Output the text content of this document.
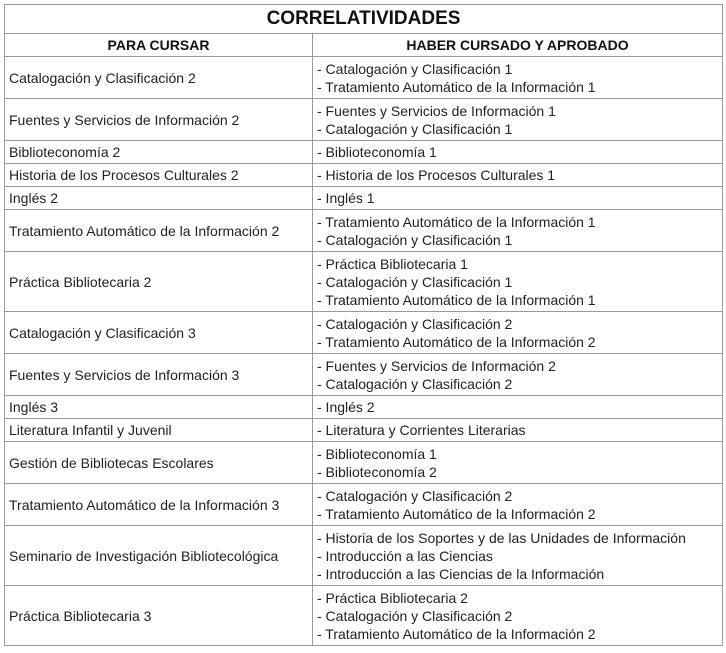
CORRELATIVIDADES	
PARA CURSAR	HABER CURSADO Y APROBADO
Catalogación y Clasificación 2	- Catalogación y Clasificación 1
- Tratamiento Automático de la Información 1

Fuentes y Servicios de Información 2	- Fuentes y Servicios de Información 1
- Catalogación y Clasificación 1

Biblioteconomía 2	- Biblioteconomía 1

Historia de los Procesos Culturales 2	- Historia de los Procesos Culturales 1

Inglés 2	- Inglés 1

Tratamiento Automático de la Información 2	- Tratamiento Automático de la Información 1
- Catalogación y Clasificación 1

Práctica Bibliotecaria 2	- Práctica Bibliotecaria 1
- Catalogación y Clasificación 1
- Tratamiento Automático de la Información 1

Catalogación y Clasificación 3	- Catalogación y Clasificación 2
- Tratamiento Automático de la Información 2

Fuentes y Servicios de Información 3	- Fuentes y Servicios de Información 2
- Catalogación y Clasificación 2

Inglés 3	- Inglés 2

Literatura Infantil y Juvenil	- Literatura y Corrientes Literarias

Gestión de Bibliotecas Escolares	- Biblioteconomía 1
- Biblioteconomía 2

Tratamiento Automático de la Información 3	- Catalogación y Clasificación 2
- Tratamiento Automático de la Información 2

Seminario de Investigación Bibliotecológica	- Historia de los Soportes y de las Unidades de Información
- Introducción a las Ciencias
- Introducción a las Ciencias de la Información

Práctica Bibliotecaria 3	- Práctica Bibliotecaria 2
- Catalogación y Clasificación 2
- Tratamiento Automático de la Información 2
